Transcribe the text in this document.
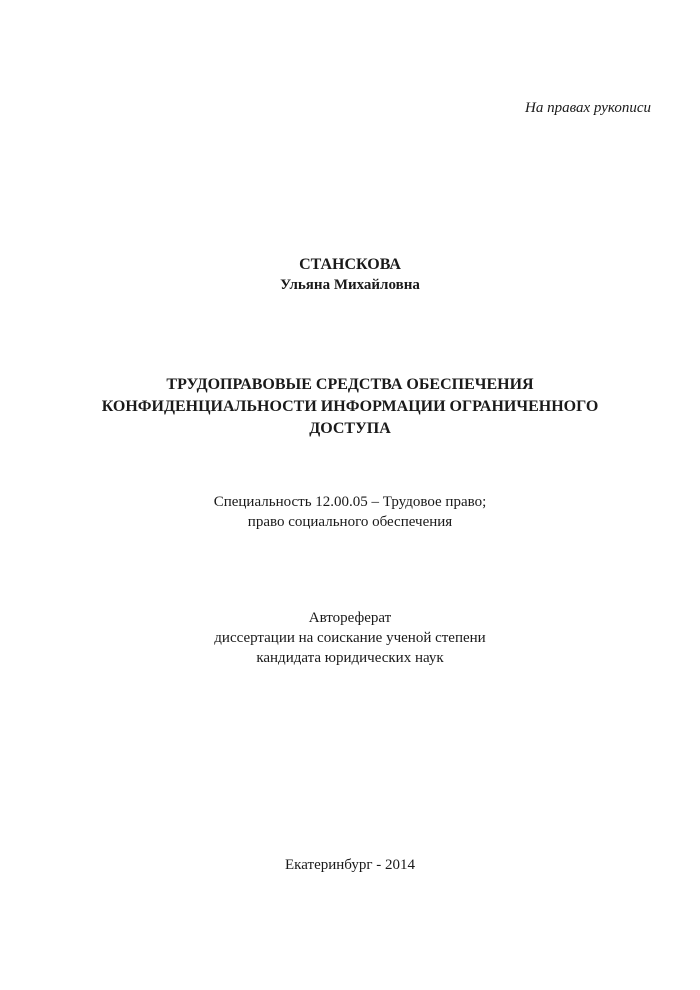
На правах рукописи
СТАНСКОВА
Ульяна Михайловна
ТРУДОПРАВОВЫЕ СРЕДСТВА ОБЕСПЕЧЕНИЯ
КОНФИДЕНЦИАЛЬНОСТИ ИНФОРМАЦИИ ОГРАНИЧЕННОГО
ДОСТУПА
Специальность 12.00.05 – Трудовое право;
право социального обеспечения
Автореферат
диссертации на соискание ученой степени
кандидата юридических наук
Екатеринбург - 2014
